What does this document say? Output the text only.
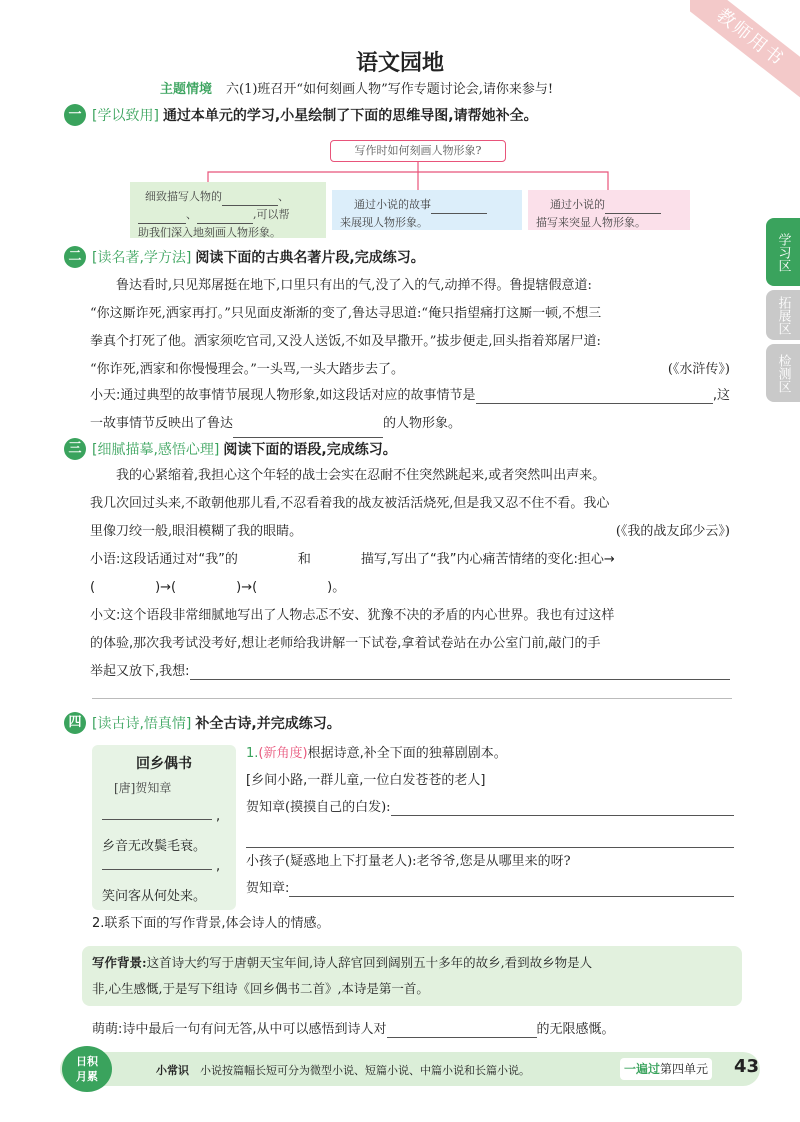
教师用书
学习区
拓展区
检测区
语文园地
主题情境 六(1)班召开“如何刻画人物”写作专题讨论会,请你来参与!
一 [学以致用] 通过本单元的学习,小星绘制了下面的思维导图,请帮她补全。
写作时如何刻画人物形象?
细致描写人物的	、
、	,可以帮
助我们深入地刻画人物形象。
通过小说的故事
来展现人物形象。
通过小说的
描写来突显人物形象。
二 [读名著,学方法] 阅读下面的古典名著片段,完成练习。
鲁达看时,只见郑屠挺在地下,口里只有出的气,没了入的气,动掸不得。鲁提辖假意道:
“你这厮诈死,洒家再打。”只见面皮渐渐的变了,鲁达寻思道:“俺只指望痛打这厮一顿,不想三
拳真个打死了他。洒家须吃官司,又没人送饭,不如及早撒开。”拔步便走,回头指着郑屠尸道:
“你诈死,洒家和你慢慢理会。”一头骂,一头大踏步去了。	(《水浒传》)
小天:通过典型的故事情节展现人物形象,如这段话对应的故事情节是	,这
一故事情节反映出了鲁达	的人物形象。
三 [细腻描摹,感悟心理] 阅读下面的语段,完成练习。
我的心紧缩着,我担心这个年轻的战士会实在忍耐不住突然跳起来,或者突然叫出声来。
我几次回过头来,不敢朝他那儿看,不忍看着我的战友被活活烧死,但是我又忍不住不看。我心
里像刀绞一般,眼泪模糊了我的眼睛。	(《我的战友邱少云》)
小语:这段话通过对“我”的	和	描写,写出了“我”内心痛苦情绪的变化:担心→
(	)→(	)→(	)。
小文:这个语段非常细腻地写出了人物忐忑不安、犹豫不决的矛盾的内心世界。我也有过这样
的体验,那次我考试没考好,想让老师给我讲解一下试卷,拿着试卷站在办公室门前,敲门的手
举起又放下,我想:
四 [读古诗,悟真情] 补全古诗,并完成练习。
回乡偶书
[唐]贺知章
,
乡音无改鬓毛衰。
,
笑问客从何处来。
1.(新角度)根据诗意,补全下面的独幕剧剧本。
[乡间小路,一群儿童,一位白发苍苍的老人]
贺知章(摸摸自己的白发):
小孩子(疑惑地上下打量老人):老爷爷,您是从哪里来的呀?
贺知章:
2.联系下面的写作背景,体会诗人的情感。
写作背景:这首诗大约写于唐朝天宝年间,诗人辞官回到阔别五十多年的故乡,看到故乡物是人
非,心生感慨,于是写下组诗《回乡偶书二首》,本诗是第一首。
萌萌:诗中最后一句有问无答,从中可以感悟到诗人对	的无限感慨。
日积
月累	小常识 小说按篇幅长短可分为微型小说、短篇小说、中篇小说和长篇小说。	一遍过第四单元 43
